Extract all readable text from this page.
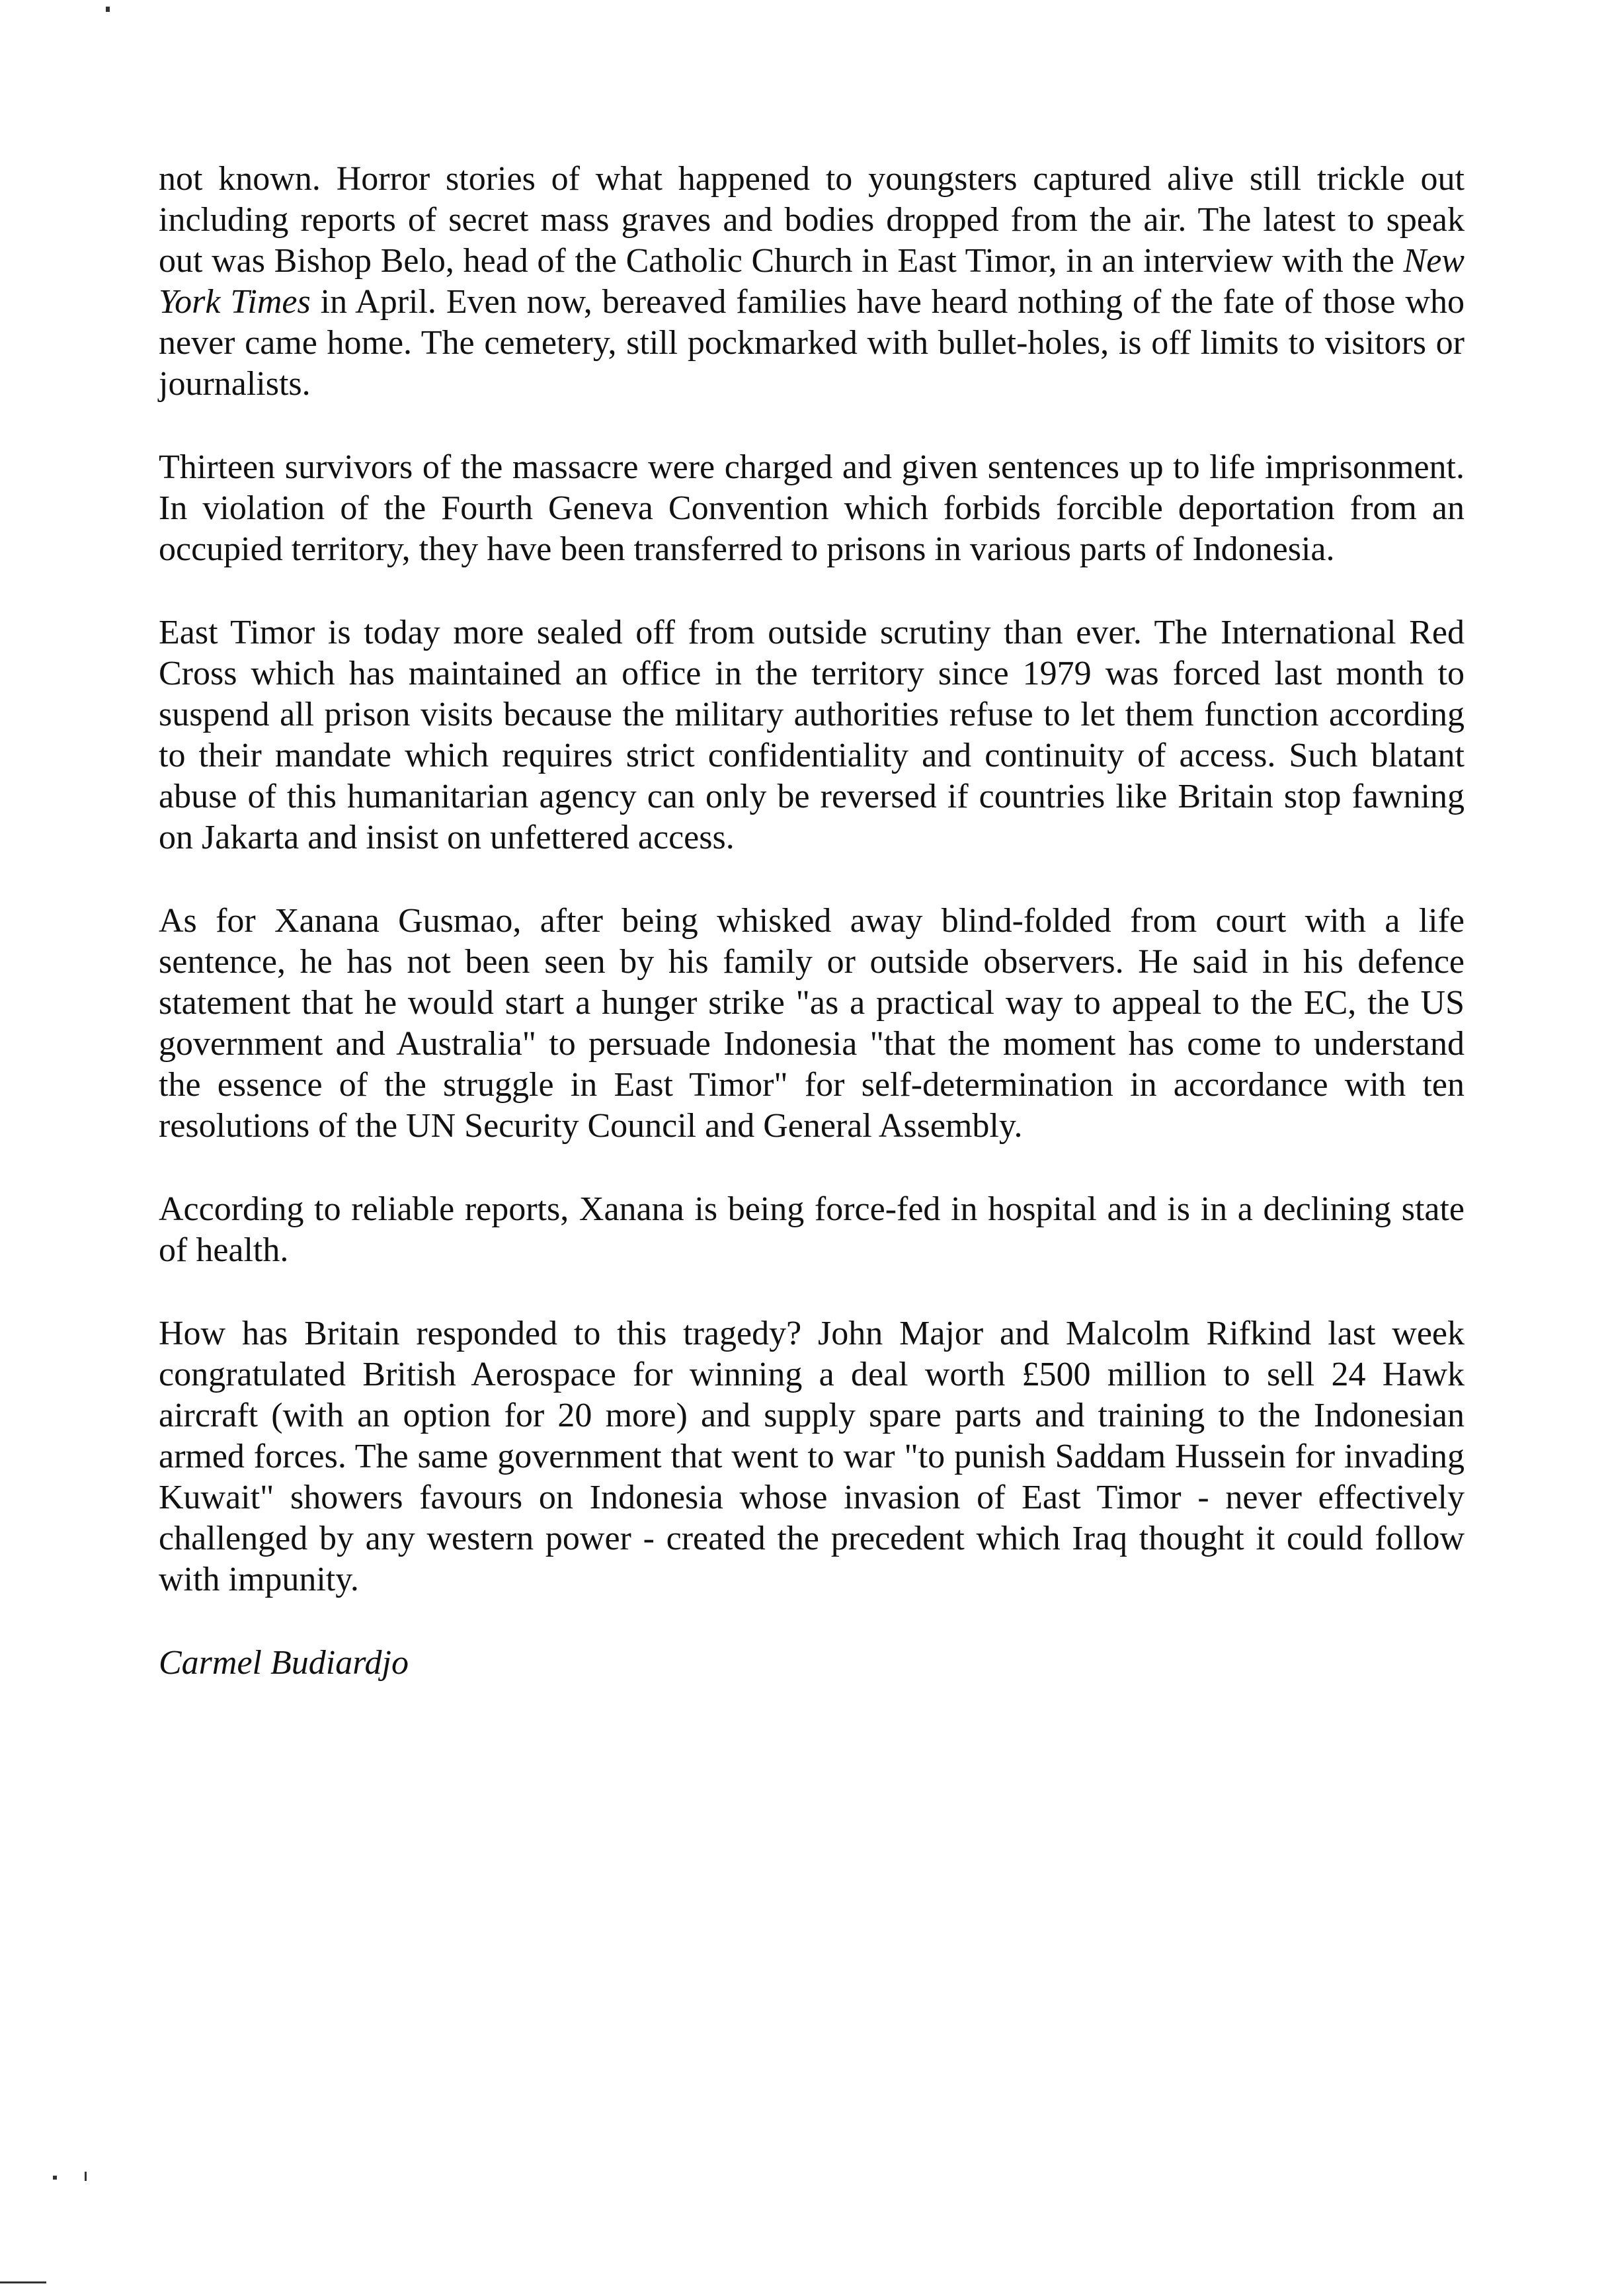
not known. Horror stories of what happened to youngsters captured alive still trickle out including reports of secret mass graves and bodies dropped from the air. The latest to speak out was Bishop Belo, head of the Catholic Church in East Timor, in an interview with the New York Times in April. Even now, bereaved families have heard nothing of the fate of those who never came home. The cemetery, still pockmarked with bullet-holes, is off limits to visitors or journalists.

Thirteen survivors of the massacre were charged and given sentences up to life imprisonment. In violation of the Fourth Geneva Convention which forbids forcible deportation from an occupied territory, they have been transferred to prisons in various parts of Indonesia.

East Timor is today more sealed off from outside scrutiny than ever. The International Red Cross which has maintained an office in the territory since 1979 was forced last month to suspend all prison visits because the military authorities refuse to let them function according to their mandate which requires strict confidentiality and continuity of access. Such blatant abuse of this humanitarian agency can only be reversed if countries like Britain stop fawning on Jakarta and insist on unfettered access.

As for Xanana Gusmao, after being whisked away blind-folded from court with a life sentence, he has not been seen by his family or outside observers. He said in his defence statement that he would start a hunger strike "as a practical way to appeal to the EC, the US government and Australia" to persuade Indonesia "that the moment has come to understand the essence of the struggle in East Timor" for self-determination in accordance with ten resolutions of the UN Security Council and General Assembly.

According to reliable reports, Xanana is being force-fed in hospital and is in a declining state of health.

How has Britain responded to this tragedy? John Major and Malcolm Rifkind last week congratulated British Aerospace for winning a deal worth £500 million to sell 24 Hawk aircraft (with an option for 20 more) and supply spare parts and training to the Indonesian armed forces. The same government that went to war "to punish Saddam Hussein for invading Kuwait" showers favours on Indonesia whose invasion of East Timor - never effectively challenged by any western power - created the precedent which Iraq thought it could follow with impunity.

Carmel Budiardjo
